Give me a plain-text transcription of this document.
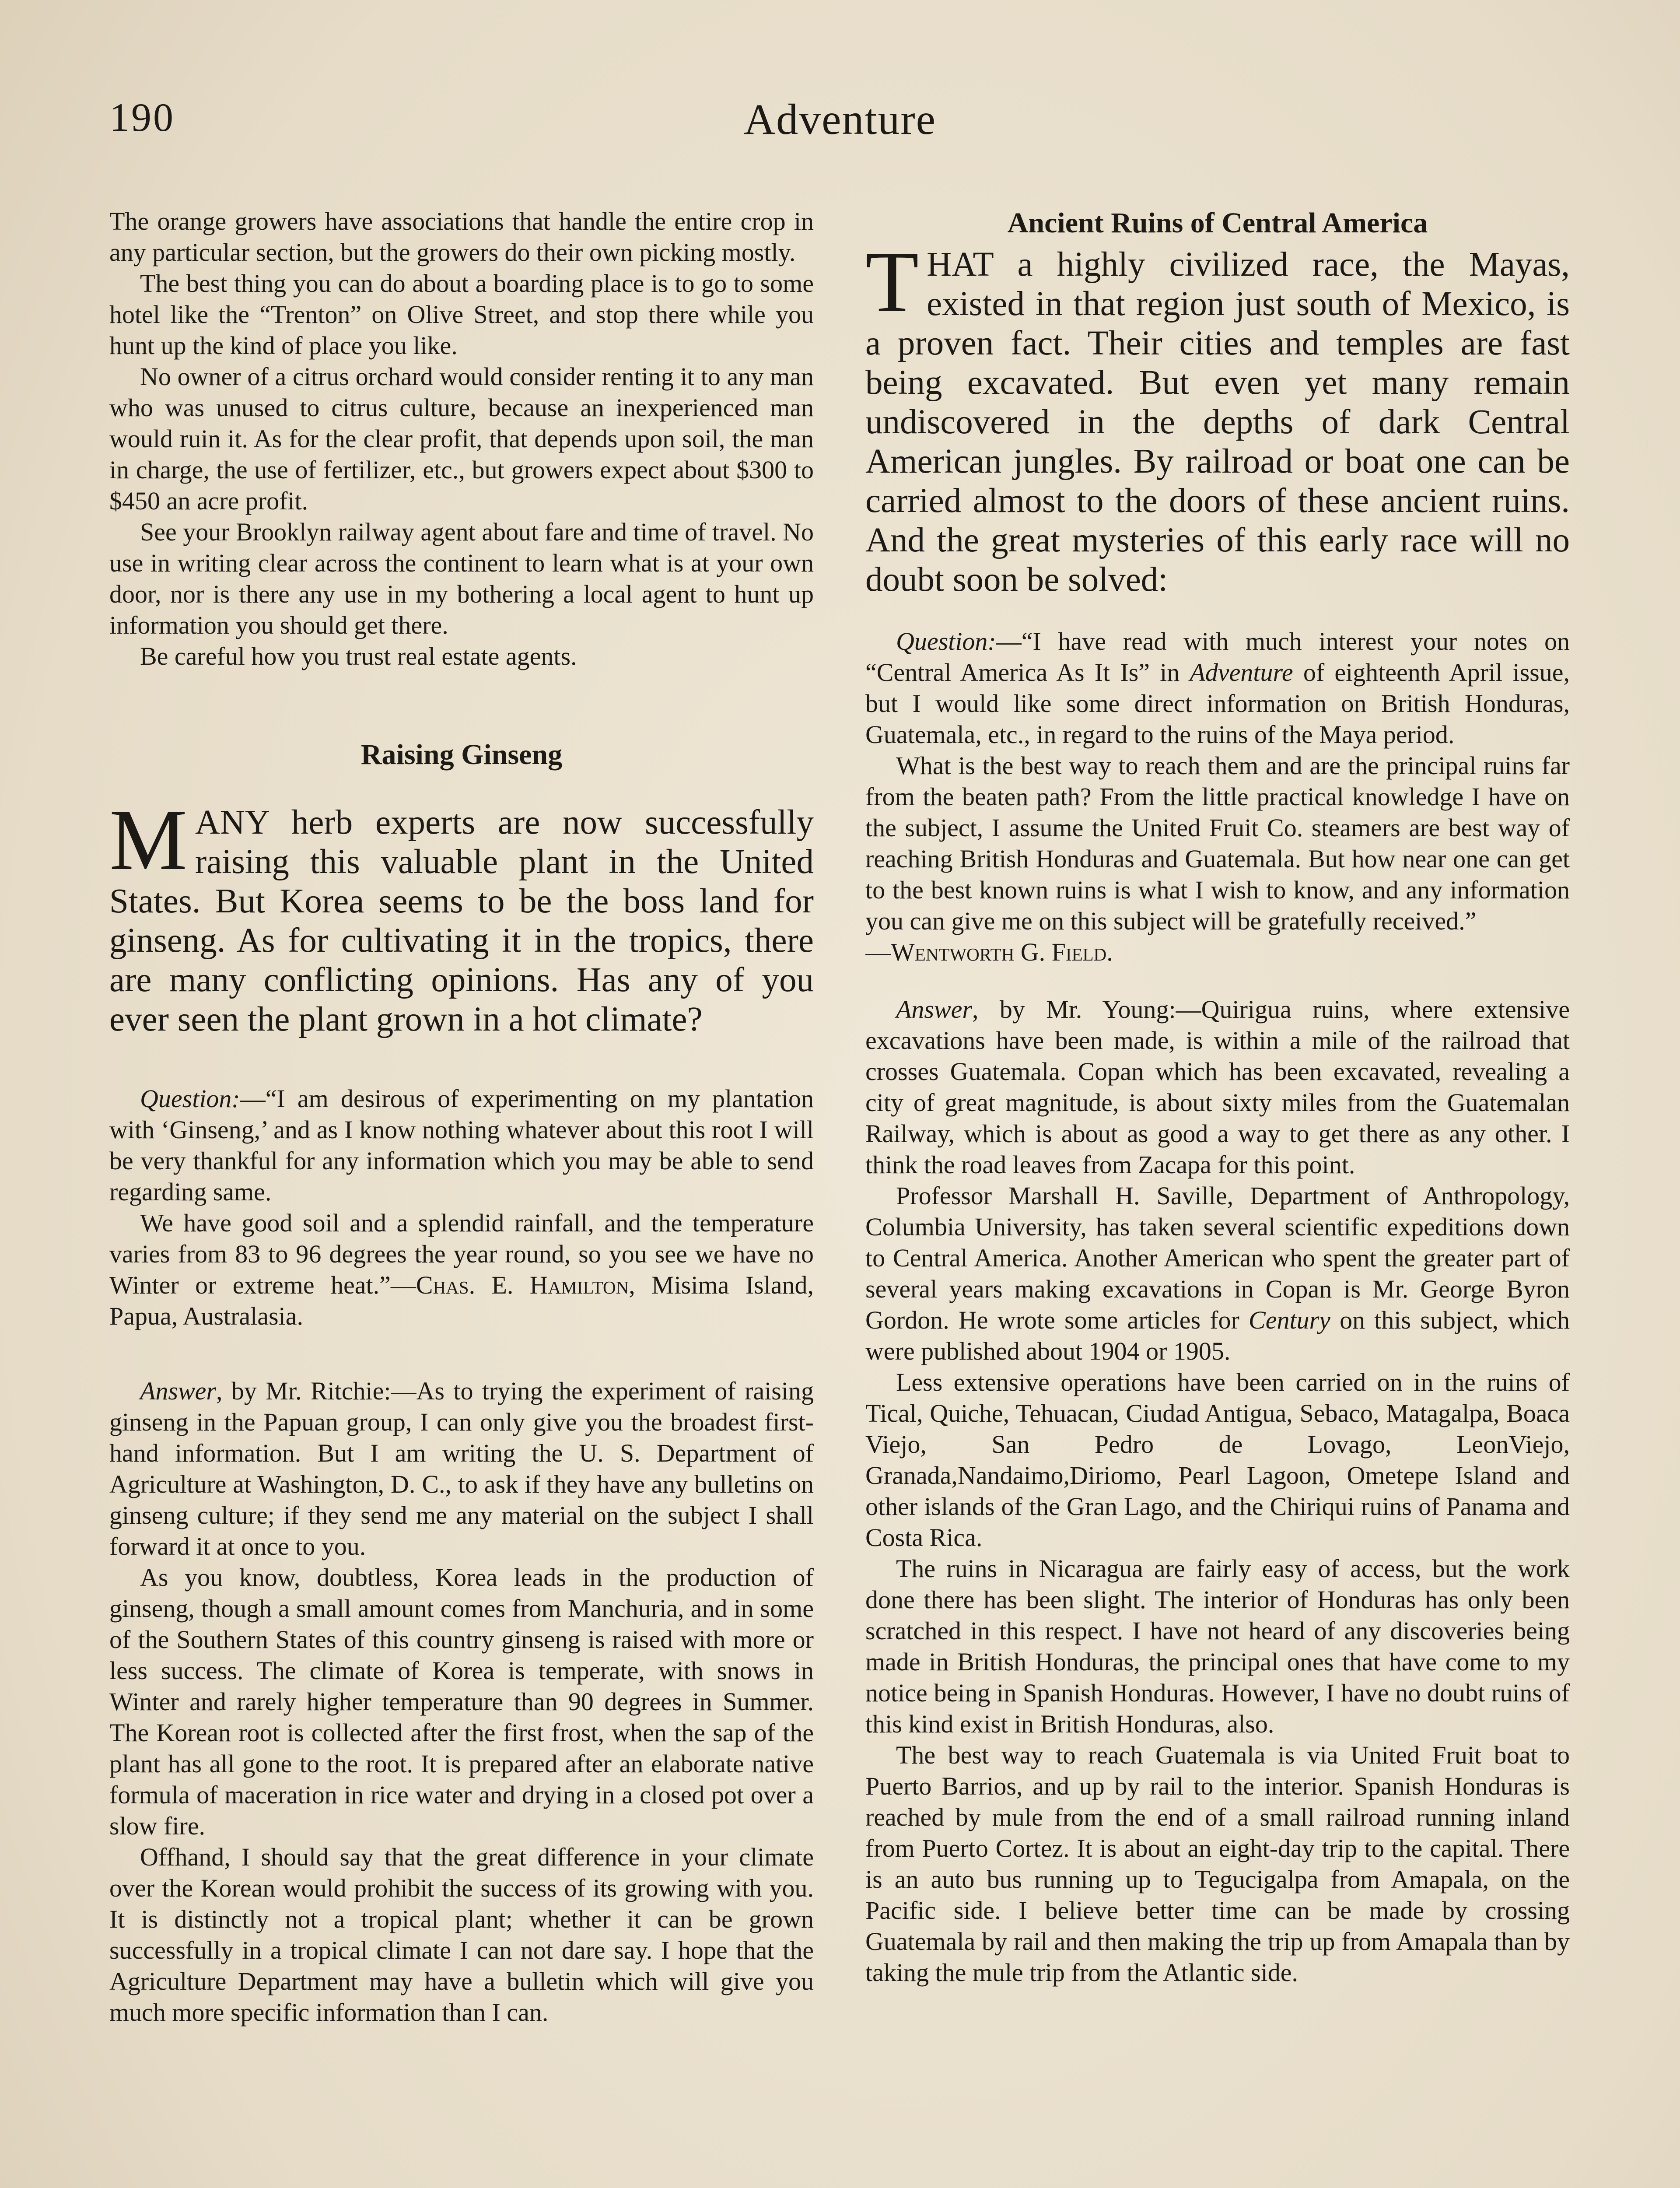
190	Adventure

The orange growers have associations that handle the entire crop in any particular section, but the growers do their own picking mostly.

The best thing you can do about a boarding place is to go to some hotel like the “Trenton” on Olive Street, and stop there while you hunt up the kind of place you like.

No owner of a citrus orchard would consider renting it to any man who was unused to citrus culture, because an inexperienced man would ruin it. As for the clear profit, that depends upon soil, the man in charge, the use of fertilizer, etc., but growers expect about $300 to $450 an acre profit.

See your Brooklyn railway agent about fare and time of travel. No use in writing clear across the continent to learn what is at your own door, nor is there any use in my bothering a local agent to hunt up information you should get there.

Be careful how you trust real estate agents.

Raising Ginseng

MANY herb experts are now successfully raising this valuable plant in the United States. But Korea seems to be the boss land for ginseng. As for cultivating it in the tropics, there are many conflicting opinions. Has any of you ever seen the plant grown in a hot climate?

Question:—“I am desirous of experimenting on my plantation with ‘Ginseng,’ and as I know nothing whatever about this root I will be very thankful for any information which you may be able to send regarding same.

We have good soil and a splendid rainfall, and the temperature varies from 83 to 96 degrees the year round, so you see we have no Winter or extreme heat.”—Chas. E. Hamilton, Misima Island, Papua, Australasia.

Answer, by Mr. Ritchie:—As to trying the experiment of raising ginseng in the Papuan group, I can only give you the broadest first-hand information. But I am writing the U. S. Department of Agriculture at Washington, D. C., to ask if they have any bulletins on ginseng culture; if they send me any material on the subject I shall forward it at once to you.

As you know, doubtless, Korea leads in the production of ginseng, though a small amount comes from Manchuria, and in some of the Southern States of this country ginseng is raised with more or less success. The climate of Korea is temperate, with snows in Winter and rarely higher temperature than 90 degrees in Summer. The Korean root is collected after the first frost, when the sap of the plant has all gone to the root. It is prepared after an elaborate native formula of maceration in rice water and drying in a closed pot over a slow fire.

Offhand, I should say that the great difference in your climate over the Korean would prohibit the success of its growing with you. It is distinctly not a tropical plant; whether it can be grown successfully in a tropical climate I can not dare say. I hope that the Agriculture Department may have a bulletin which will give you much more specific information than I can.

Ancient Ruins of Central America

THAT a highly civilized race, the Mayas, existed in that region just south of Mexico, is a proven fact. Their cities and temples are fast being excavated. But even yet many remain undiscovered in the depths of dark Central American jungles. By railroad or boat one can be carried almost to the doors of these ancient ruins. And the great mysteries of this early race will no doubt soon be solved:

Question:—“I have read with much interest your notes on “Central America As It Is” in Adventure of eighteenth April issue, but I would like some direct information on British Honduras, Guatemala, etc., in regard to the ruins of the Maya period.

What is the best way to reach them and are the principal ruins far from the beaten path? From the little practical knowledge I have on the subject, I assume the United Fruit Co. steamers are best way of reaching British Honduras and Guatemala. But how near one can get to the best known ruins is what I wish to know, and any information you can give me on this subject will be gratefully received.”

—Wentworth G. Field.

Answer, by Mr. Young:—Quirigua ruins, where extensive excavations have been made, is within a mile of the railroad that crosses Guatemala. Copan which has been excavated, revealing a city of great magnitude, is about sixty miles from the Guatemalan Railway, which is about as good a way to get there as any other. I think the road leaves from Zacapa for this point.

Professor Marshall H. Saville, Department of Anthropology, Columbia University, has taken several scientific expeditions down to Central America. Another American who spent the greater part of several years making excavations in Copan is Mr. George Byron Gordon. He wrote some articles for Century on this subject, which were published about 1904 or 1905.

Less extensive operations have been carried on in the ruins of Tical, Quiche, Tehuacan, Ciudad Antigua, Sebaco, Matagalpa, Boaca Viejo, San Pedro de Lovago, LeonViejo, Granada,Nandaimo,Diriomo, Pearl Lagoon, Ometepe Island and other islands of the Gran Lago, and the Chiriqui ruins of Panama and Costa Rica.

The ruins in Nicaragua are fairly easy of access, but the work done there has been slight. The interior of Honduras has only been scratched in this respect. I have not heard of any discoveries being made in British Honduras, the principal ones that have come to my notice being in Spanish Honduras. However, I have no doubt ruins of this kind exist in British Honduras, also.

The best way to reach Guatemala is via United Fruit boat to Puerto Barrios, and up by rail to the interior. Spanish Honduras is reached by mule from the end of a small railroad running inland from Puerto Cortez. It is about an eight-day trip to the capital. There is an auto bus running up to Tegucigalpa from Amapala, on the Pacific side. I believe better time can be made by crossing Guatemala by rail and then making the trip up from Amapala than by taking the mule trip from the Atlantic side.
